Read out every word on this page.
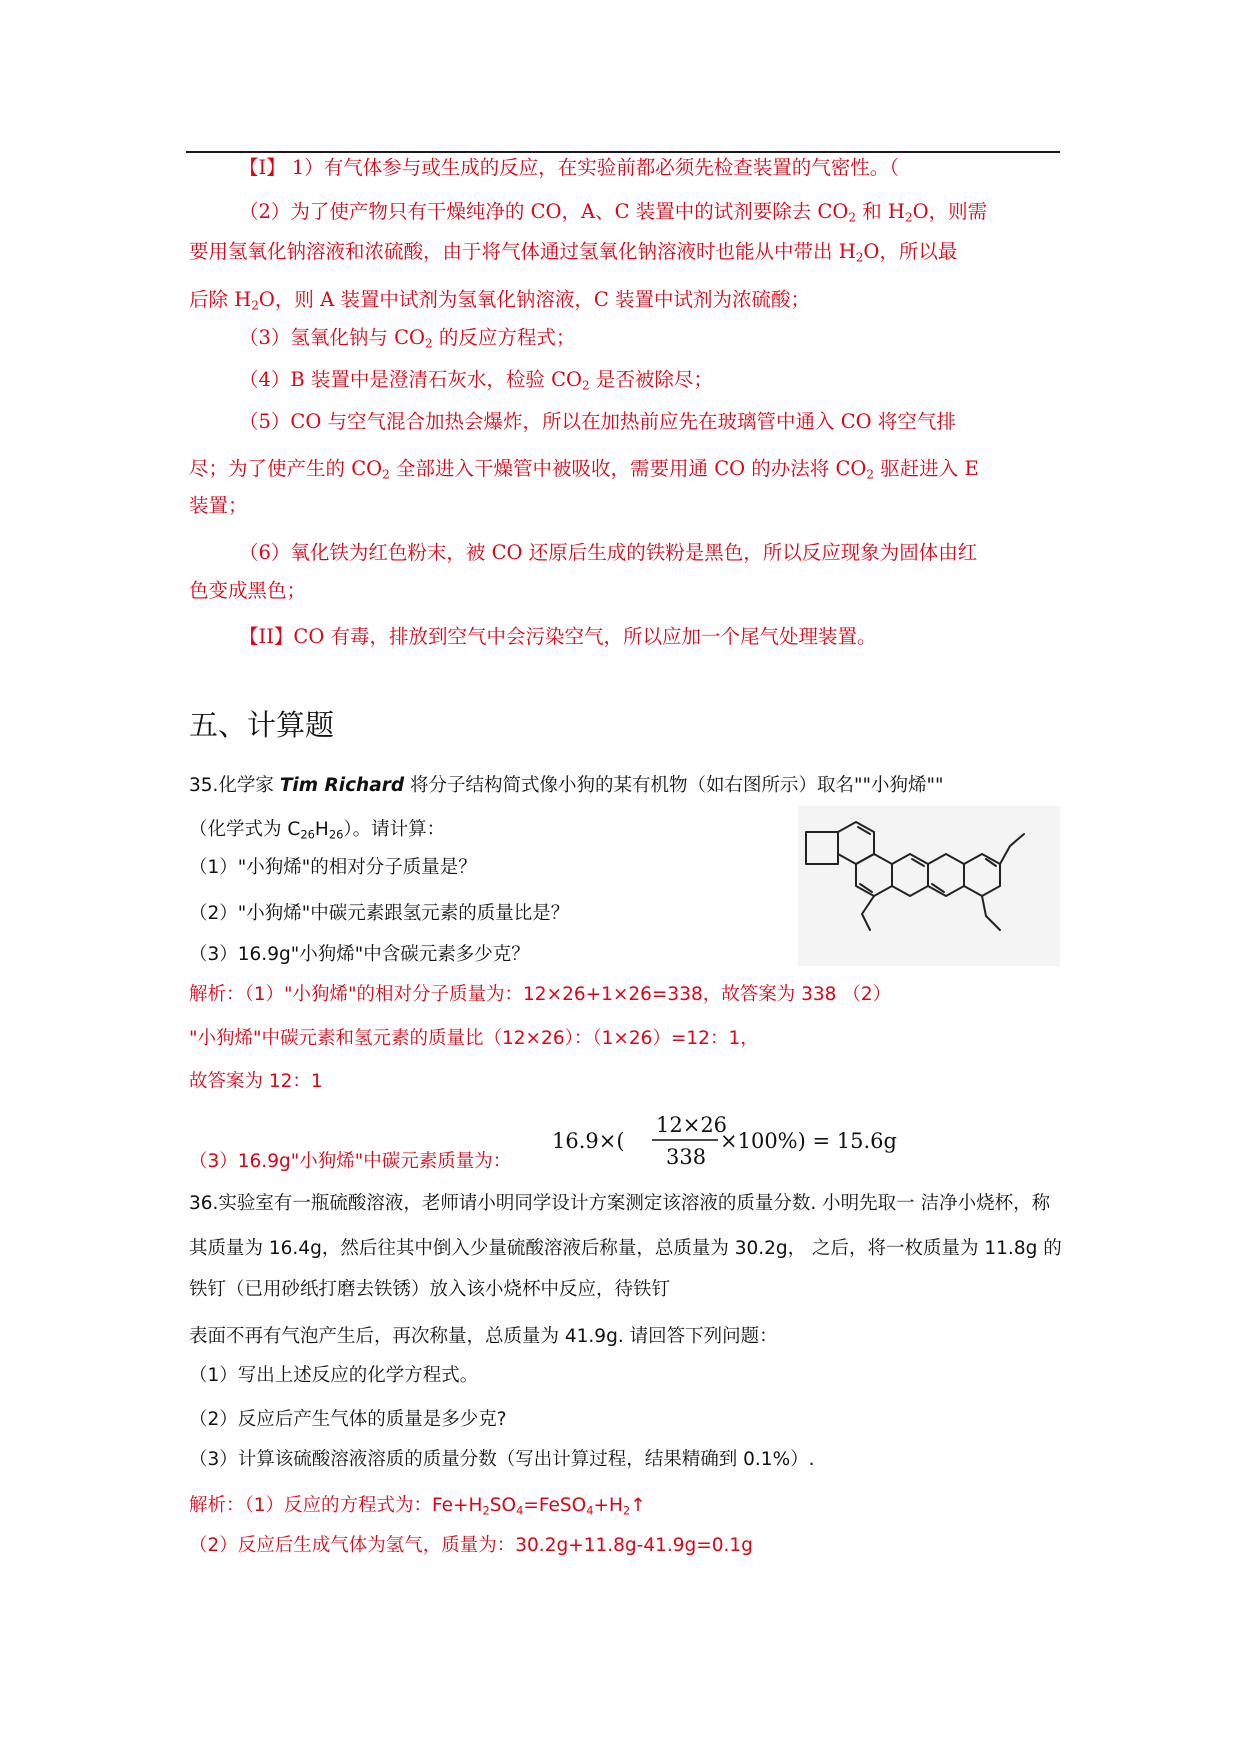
【I】 1）有气体参与或生成的反应，在实验前都必须先检查装置的气密性。（
（2）为了使产物只有干燥纯净的 CO，A、C 装置中的试剂要除去 $CO_2$ 和 $H_2O$，则需
要用氢氧化钠溶液和浓硫酸，由于将气体通过氢氧化钠溶液时也能从中带出 $H_2O$，所以最
后除 $H_2O$，则 A 装置中试剂为氢氧化钠溶液，C 装置中试剂为浓硫酸；
（3）氢氧化钠与 $CO_2$ 的反应方程式；
（4）B 装置中是澄清石灰水，检验 $CO_2$ 是否被除尽；
（5）CO 与空气混合加热会爆炸，所以在加热前应先在玻璃管中通入 CO 将空气排
尽；为了使产生的 $CO_2$ 全部进入干燥管中被吸收，需要用通 CO 的办法将 $CO_2$ 驱赶进入 E
装置；
（6）氧化铁为红色粉末，被 CO 还原后生成的铁粉是黑色，所以反应现象为固体由红
色变成黑色；
【II】CO 有毒，排放到空气中会污染空气，所以应加一个尾气处理装置。
五、计算题
35.化学家 Tim Richard 将分子结构简式像小狗的某有机物（如右图所示）取名""小狗烯""
（化学式为 $C_{26}H_{26}$）。请计算：
（1）"小狗烯"的相对分子质量是？
（2）"小狗烯"中碳元素跟氢元素的质量比是？
（3）16.9g"小狗烯"中含碳元素多少克？
解析：（1）"小狗烯"的相对分子质量为：12×26+1×26=338，故答案为 338 （2）
"小狗烯"中碳元素和氢元素的质量比（12×26）：（1×26）=12：1，
故答案为 12：1
（3）16.9g"小狗烯"中碳元素质量为：
16.9×(
12×26
338
×100%) = 15.6g
36.实验室有一瓶硫酸溶液，老师请小明同学设计方案测定该溶液的质量分数. 小明先取一 洁净小烧杯，称
其质量为 16.4g，然后往其中倒入少量硫酸溶液后称量，总质量为 30.2g， 之后，将一枚质量为 11.8g 的
铁钉（已用砂纸打磨去铁锈）放入该小烧杯中反应，待铁钉
表面不再有气泡产生后，再次称量，总质量为 41.9g. 请回答下列问题：
（1）写出上述反应的化学方程式。
（2）反应后产生气体的质量是多少克?
（3）计算该硫酸溶液溶质的质量分数（写出计算过程，结果精确到 0.1%）.
解析：（1）反应的方程式为：$Fe+H_2SO_4=FeSO_4+H_2↑$
（2）反应后生成气体为氢气，质量为：30.2g+11.8g-41.9g=0.1g
